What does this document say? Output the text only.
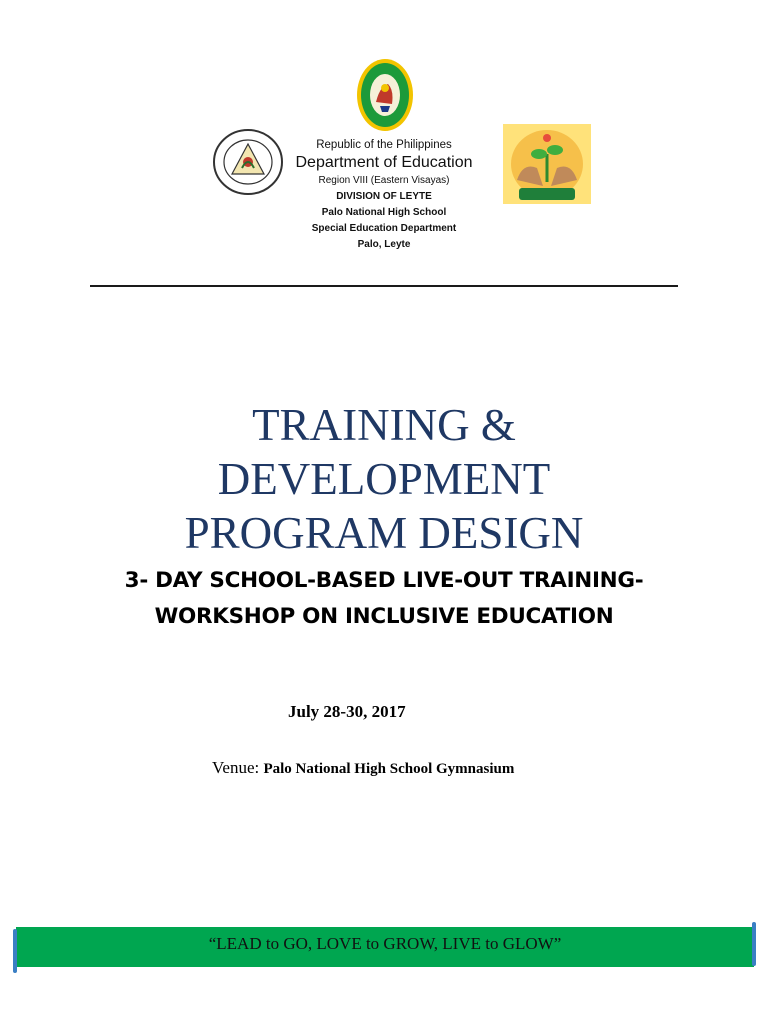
Republic of the Philippines
Department of Education
Region VIII (Eastern Visayas)
DIVISION OF LEYTE
Palo National High School
Special Education Department
Palo, Leyte
TRAINING &
DEVELOPMENT
PROGRAM DESIGN
3- DAY SCHOOL-BASED LIVE-OUT TRAINING-
WORKSHOP ON INCLUSIVE EDUCATION
July 28-30, 2017
Venue: Palo National High School Gymnasium
“LEAD to GO, LOVE to GROW, LIVE to GLOW”
